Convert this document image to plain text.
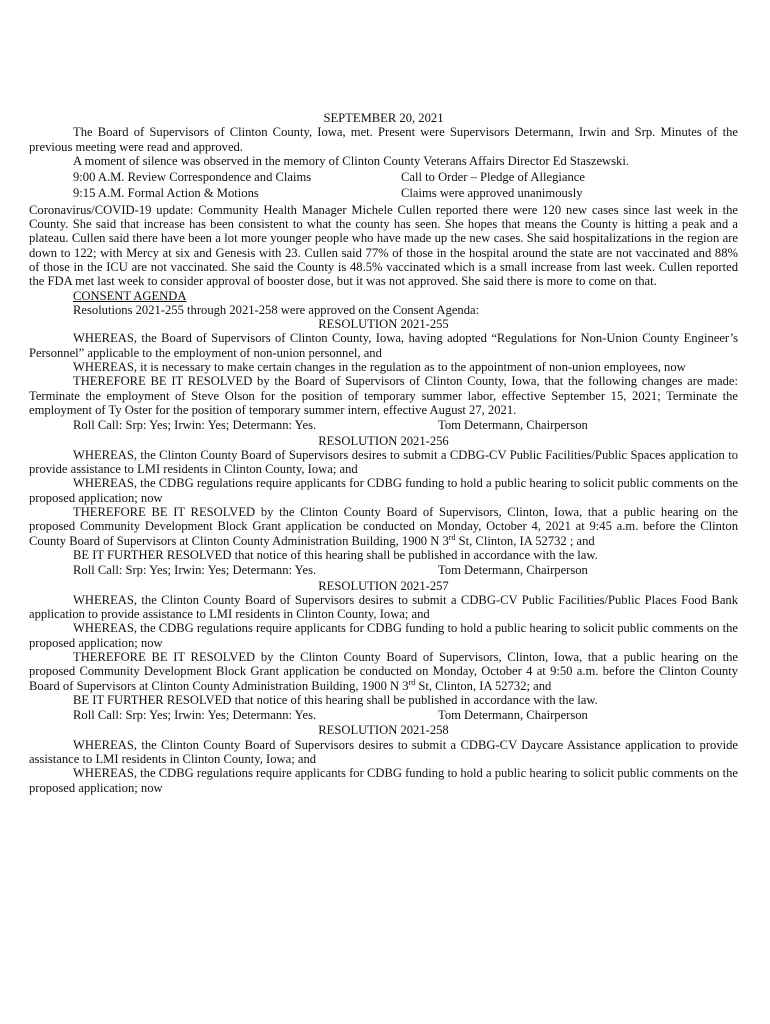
SEPTEMBER 20, 2021

The Board of Supervisors of Clinton County, Iowa, met. Present were Supervisors Determann, Irwin and Srp. Minutes of the previous meeting were read and approved.

A moment of silence was observed in the memory of Clinton County Veterans Affairs Director Ed Staszewski.

9:00 A.M. Review Correspondence and Claims	Call to Order – Pledge of Allegiance
9:15 A.M. Formal Action & Motions	Claims were approved unanimously

Coronavirus/COVID-19 update: Community Health Manager Michele Cullen reported there were 120 new cases since last week in the County. She said that increase has been consistent to what the county has seen. She hopes that means the County is hitting a peak and a plateau. Cullen said there have been a lot more younger people who have made up the new cases. She said hospitalizations in the region are down to 122; with Mercy at six and Genesis with 23. Cullen said 77% of those in the hospital around the state are not vaccinated and 88% of those in the ICU are not vaccinated. She said the County is 48.5% vaccinated which is a small increase from last week. Cullen reported the FDA met last week to consider approval of booster dose, but it was not approved. She said there is more to come on that.

CONSENT AGENDA

Resolutions 2021-255 through 2021-258 were approved on the Consent Agenda:

RESOLUTION 2021-255

WHEREAS, the Board of Supervisors of Clinton County, Iowa, having adopted “Regulations for Non-Union County Engineer’s Personnel” applicable to the employment of non-union personnel, and

WHEREAS, it is necessary to make certain changes in the regulation as to the appointment of non-union employees, now

THEREFORE BE IT RESOLVED by the Board of Supervisors of Clinton County, Iowa, that the following changes are made: Terminate the employment of Steve Olson for the position of temporary summer labor, effective September 15, 2021; Terminate the employment of Ty Oster for the position of temporary summer intern, effective August 27, 2021.

Roll Call: Srp: Yes; Irwin: Yes; Determann: Yes.	Tom Determann, Chairperson

RESOLUTION 2021-256

WHEREAS, the Clinton County Board of Supervisors desires to submit a CDBG-CV Public Facilities/Public Spaces application to provide assistance to LMI residents in Clinton County, Iowa; and

WHEREAS, the CDBG regulations require applicants for CDBG funding to hold a public hearing to solicit public comments on the proposed application; now

THEREFORE BE IT RESOLVED by the Clinton County Board of Supervisors, Clinton, Iowa, that a public hearing on the proposed Community Development Block Grant application be conducted on Monday, October 4, 2021 at 9:45 a.m. before the Clinton County Board of Supervisors at Clinton County Administration Building, 1900 N 3rd St, Clinton, IA 52732 ; and

BE IT FURTHER RESOLVED that notice of this hearing shall be published in accordance with the law.

Roll Call: Srp: Yes; Irwin: Yes; Determann: Yes.	Tom Determann, Chairperson

RESOLUTION 2021-257

WHEREAS, the Clinton County Board of Supervisors desires to submit a CDBG-CV Public Facilities/Public Places Food Bank application to provide assistance to LMI residents in Clinton County, Iowa; and

WHEREAS, the CDBG regulations require applicants for CDBG funding to hold a public hearing to solicit public comments on the proposed application; now

THEREFORE BE IT RESOLVED by the Clinton County Board of Supervisors, Clinton, Iowa, that a public hearing on the proposed Community Development Block Grant application be conducted on Monday, October 4 at 9:50 a.m. before the Clinton County Board of Supervisors at Clinton County Administration Building, 1900 N 3rd St, Clinton, IA 52732; and

BE IT FURTHER RESOLVED that notice of this hearing shall be published in accordance with the law.

Roll Call: Srp: Yes; Irwin: Yes; Determann: Yes.	Tom Determann, Chairperson

RESOLUTION 2021-258

WHEREAS, the Clinton County Board of Supervisors desires to submit a CDBG-CV Daycare Assistance application to provide assistance to LMI residents in Clinton County, Iowa; and

WHEREAS, the CDBG regulations require applicants for CDBG funding to hold a public hearing to solicit public comments on the proposed application; now
